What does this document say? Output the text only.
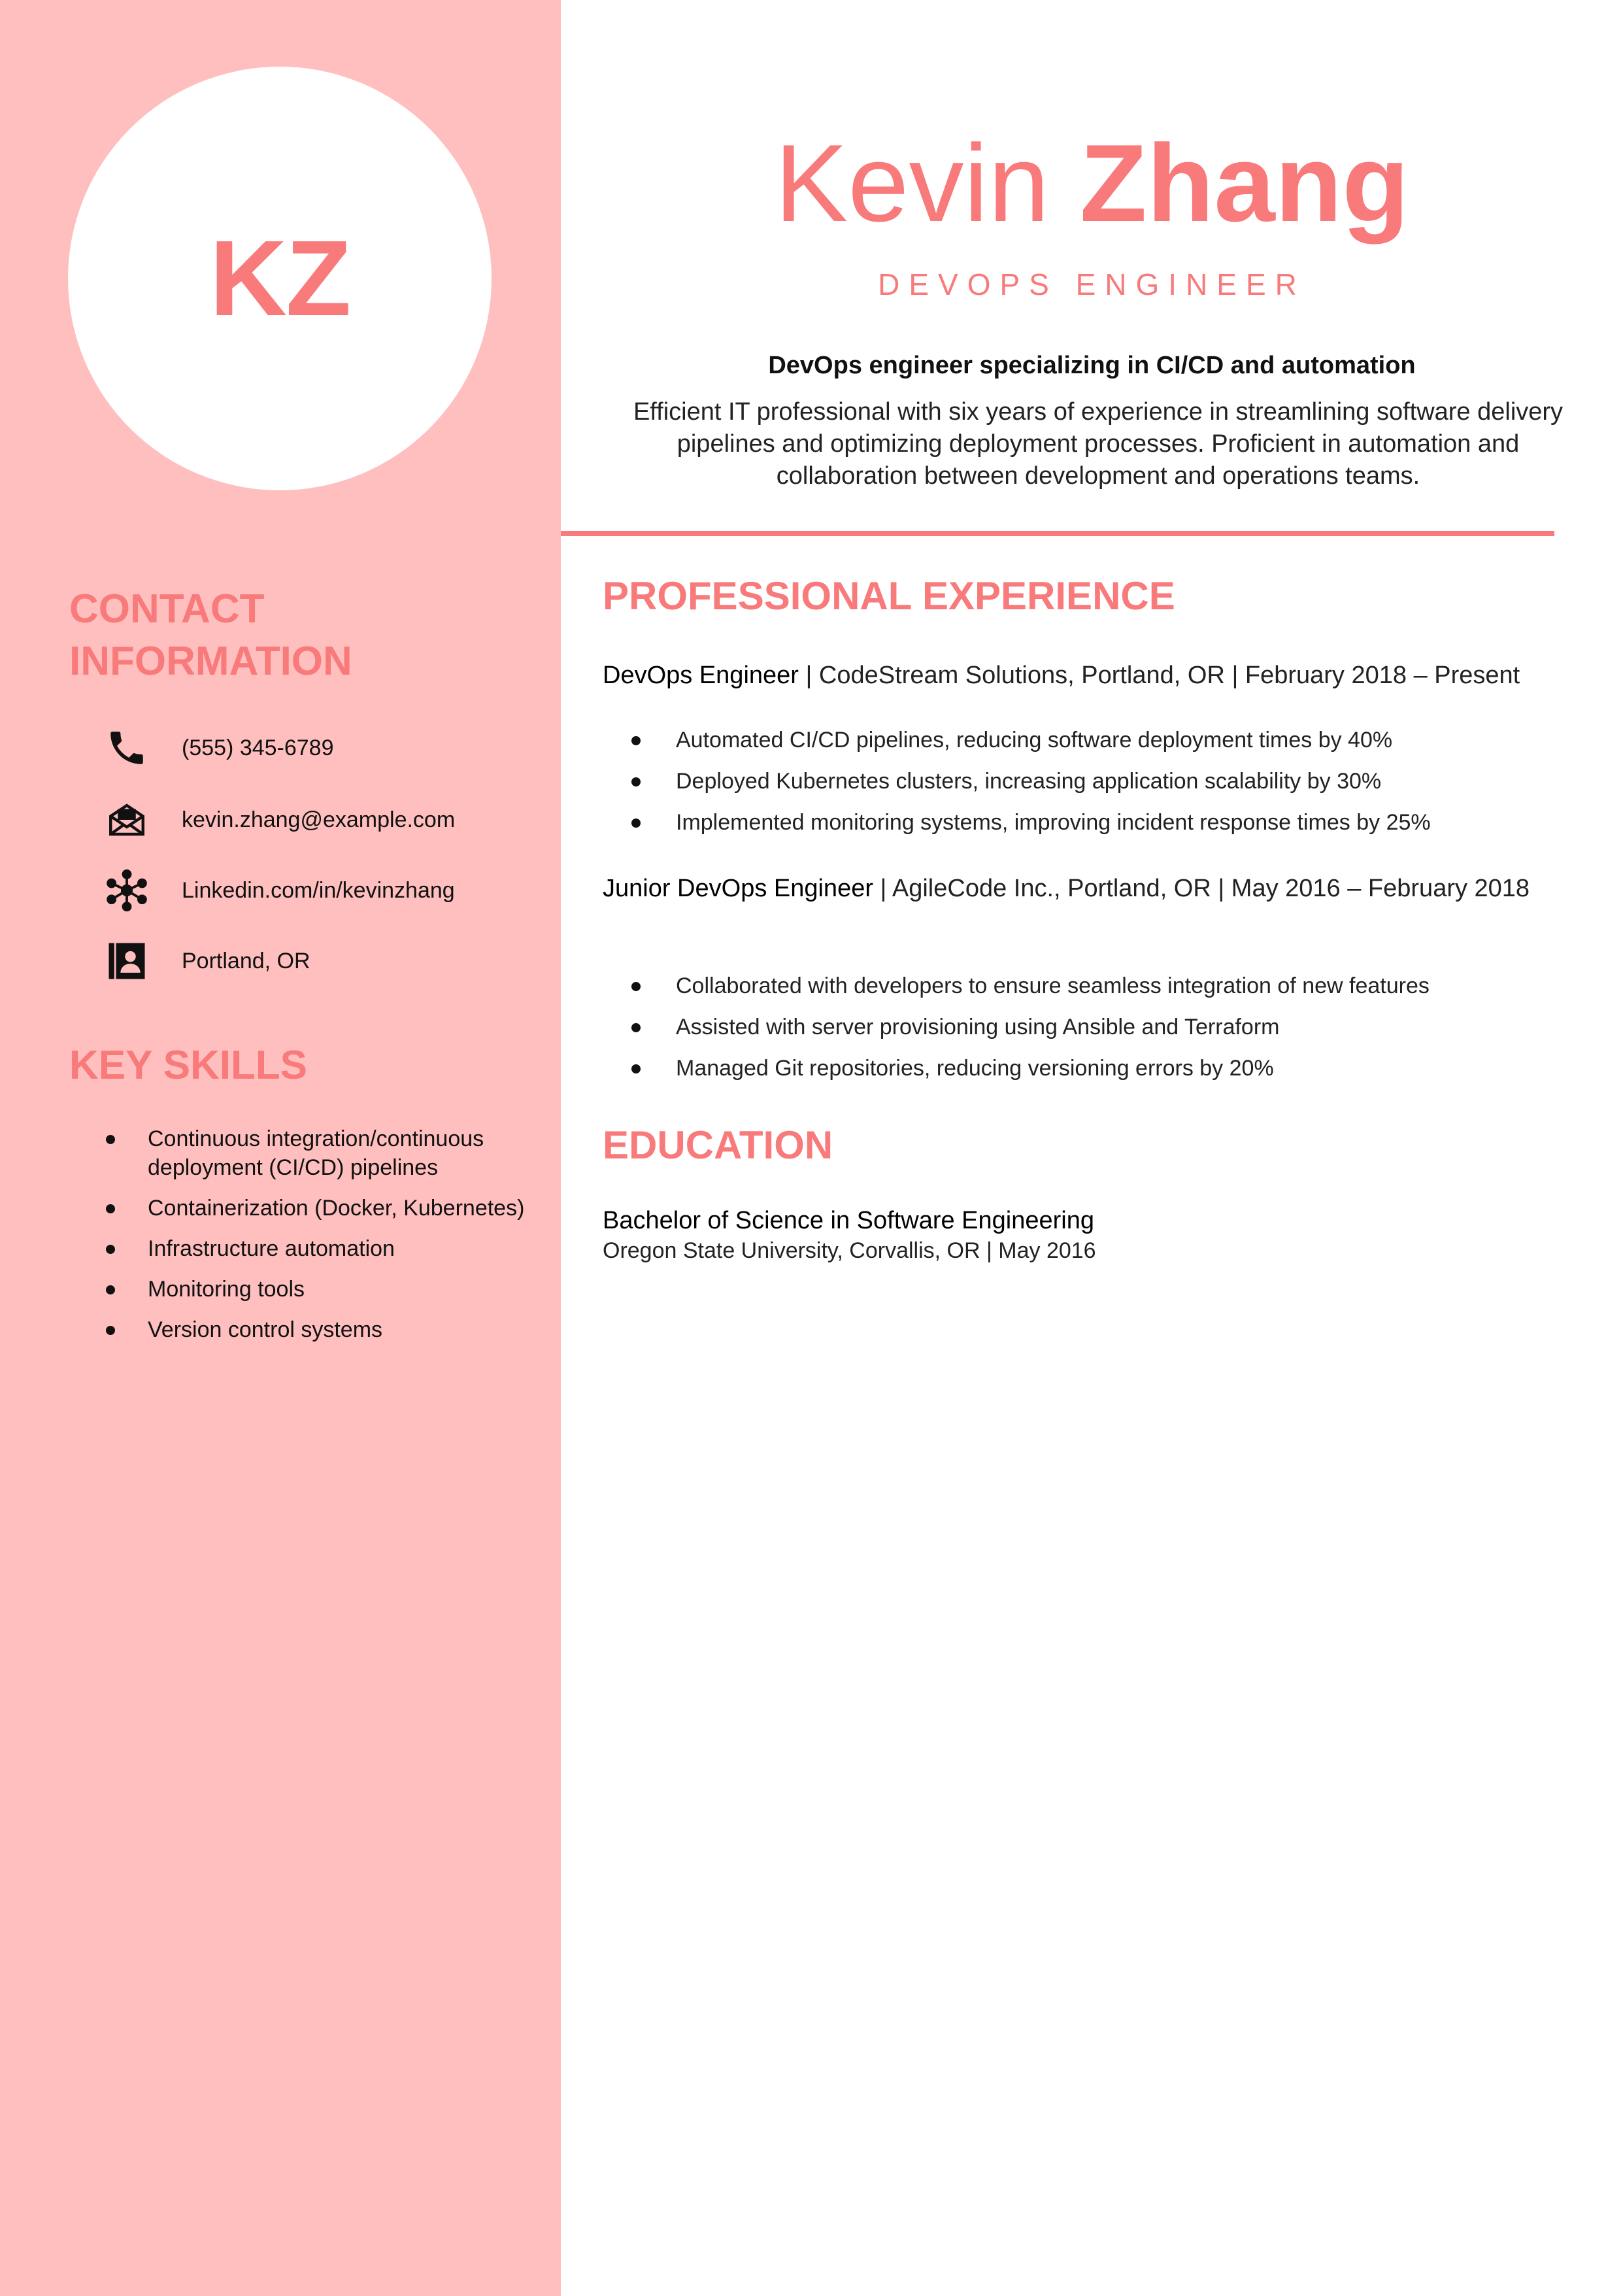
KZ
CONTACT
INFORMATION
(555) 345-6789
kevin.zhang@example.com
Linkedin.com/in/kevinzhang
Portland, OR
KEY SKILLS
Continuous integration/continuous deployment (CI/CD) pipelines
Containerization (Docker, Kubernetes)
Infrastructure automation
Monitoring tools
Version control systems
Kevin Zhang
DEVOPS ENGINEER
DevOps engineer specializing in CI/CD and automation
Efficient IT professional with six years of experience in streamlining software delivery pipelines and optimizing deployment processes. Proficient in automation and collaboration between development and operations teams.
PROFESSIONAL EXPERIENCE
DevOps Engineer | CodeStream Solutions, Portland, OR | February 2018 – Present
Automated CI/CD pipelines, reducing software deployment times by 40%
Deployed Kubernetes clusters, increasing application scalability by 30%
Implemented monitoring systems, improving incident response times by 25%
Junior DevOps Engineer | AgileCode Inc., Portland, OR | May 2016 – February 2018
Collaborated with developers to ensure seamless integration of new features
Assisted with server provisioning using Ansible and Terraform
Managed Git repositories, reducing versioning errors by 20%
EDUCATION
Bachelor of Science in Software Engineering
Oregon State University, Corvallis, OR | May 2016
